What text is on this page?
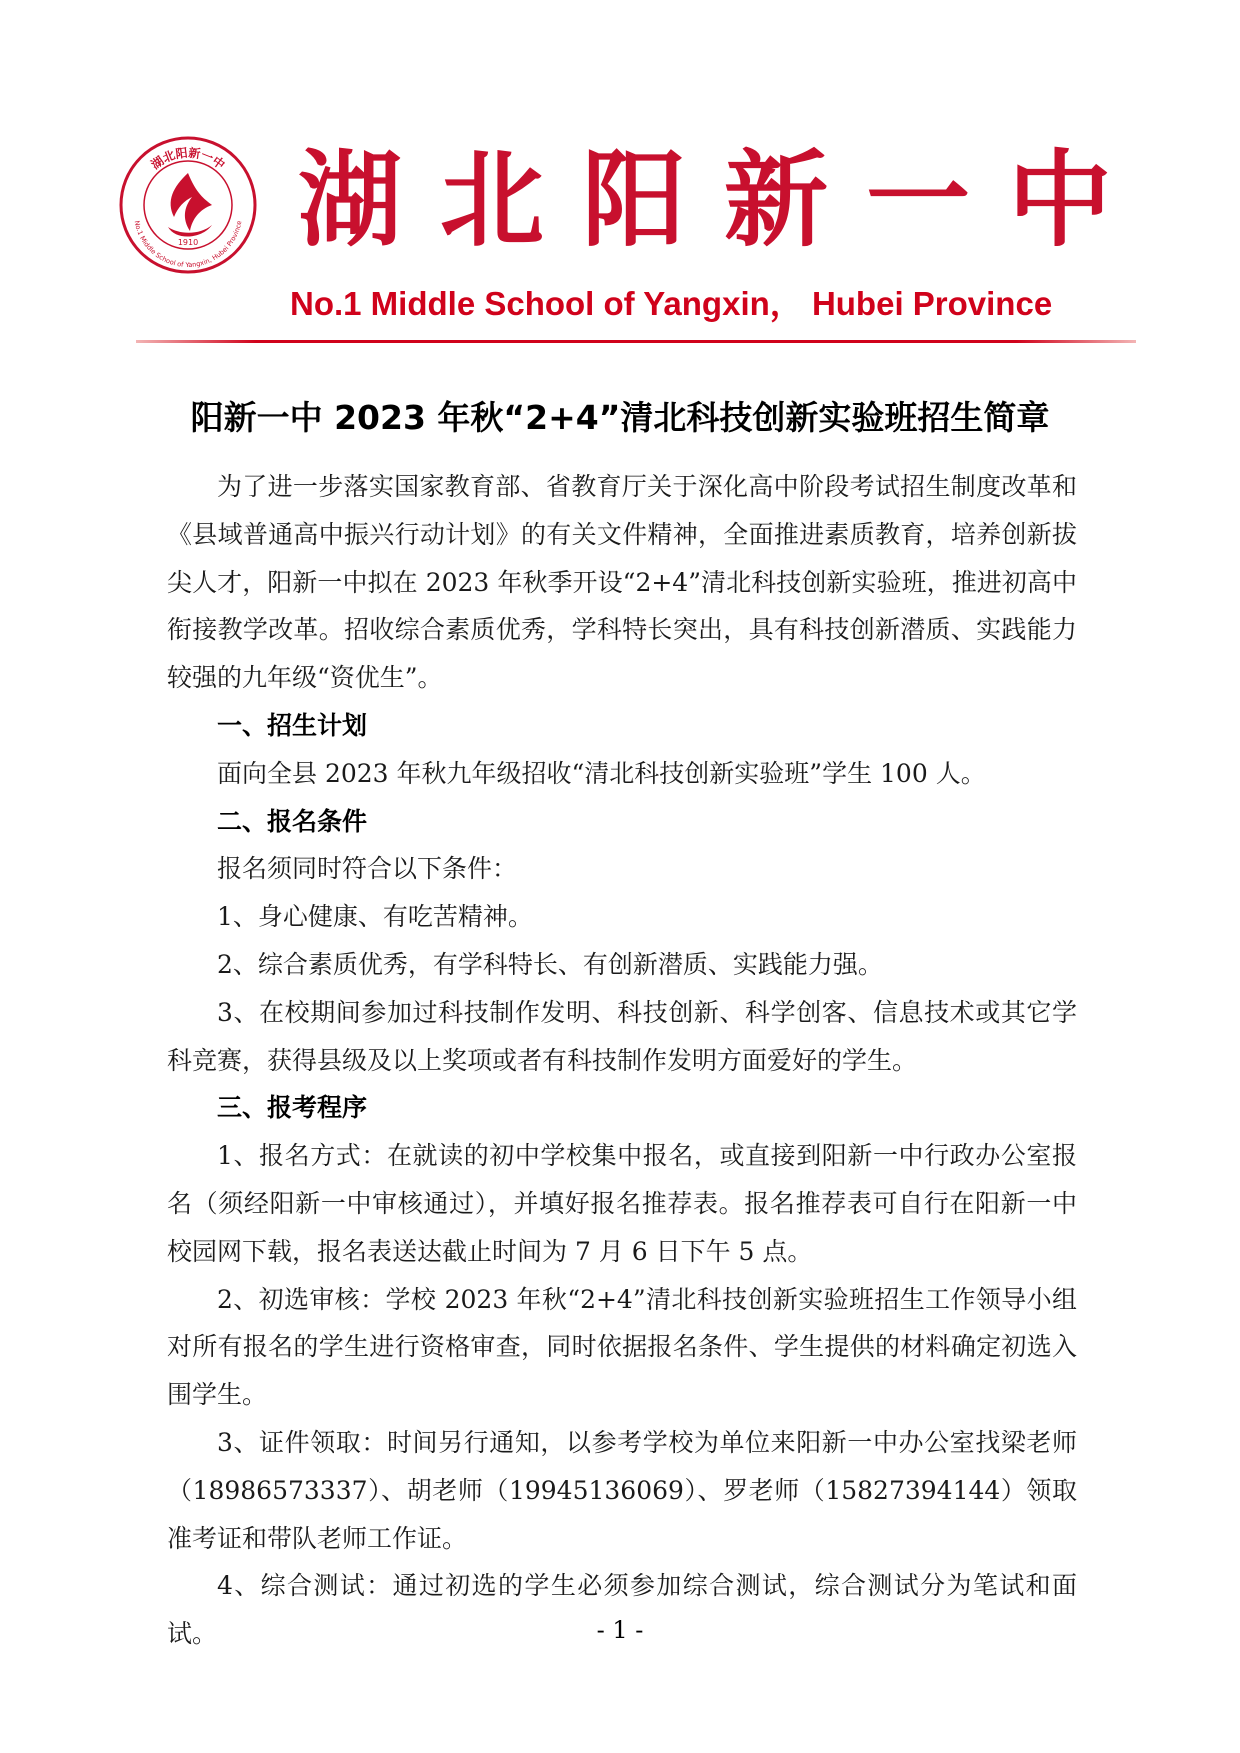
湖北阳新一中
No.1 Middle School of Yangxin, Hubei Province
1910 湖北阳新一中
No.1 Middle School of Yangxin， Hubei Province
阳新一中 2023 年秋“2+4”清北科技创新实验班招生简章

为了进一步落实国家教育部、省教育厅关于深化高中阶段考试招生制度改革和《县域普通高中振兴行动计划》的有关文件精神，全面推进素质教育，培养创新拔尖人才，阳新一中拟在 2023 年秋季开设“2+4”清北科技创新实验班，推进初高中衔接教学改革。招收综合素质优秀，学科特长突出，具有科技创新潜质、实践能力较强的九年级“资优生”。

一、招生计划

面向全县 2023 年秋九年级招收“清北科技创新实验班”学生 100 人。

二、报名条件

报名须同时符合以下条件：

1、身心健康、有吃苦精神。

2、综合素质优秀，有学科特长、有创新潜质、实践能力强。

3、在校期间参加过科技制作发明、科技创新、科学创客、信息技术或其它学科竞赛，获得县级及以上奖项或者有科技制作发明方面爱好的学生。

三、报考程序

1、报名方式：在就读的初中学校集中报名，或直接到阳新一中行政办公室报名（须经阳新一中审核通过），并填好报名推荐表。报名推荐表可自行在阳新一中校园网下载，报名表送达截止时间为 7 月 6 日下午 5 点。

2、初选审核：学校 2023 年秋“2+4”清北科技创新实验班招生工作领导小组对所有报名的学生进行资格审查，同时依据报名条件、学生提供的材料确定初选入围学生。

3、证件领取：时间另行通知，以参考学校为单位来阳新一中办公室找梁老师（18986573337）、胡老师（19945136069）、罗老师（15827394144）领取准考证和带队老师工作证。

4、综合测试：通过初选的学生必须参加综合测试，综合测试分为笔试和面试。	- 1 -
